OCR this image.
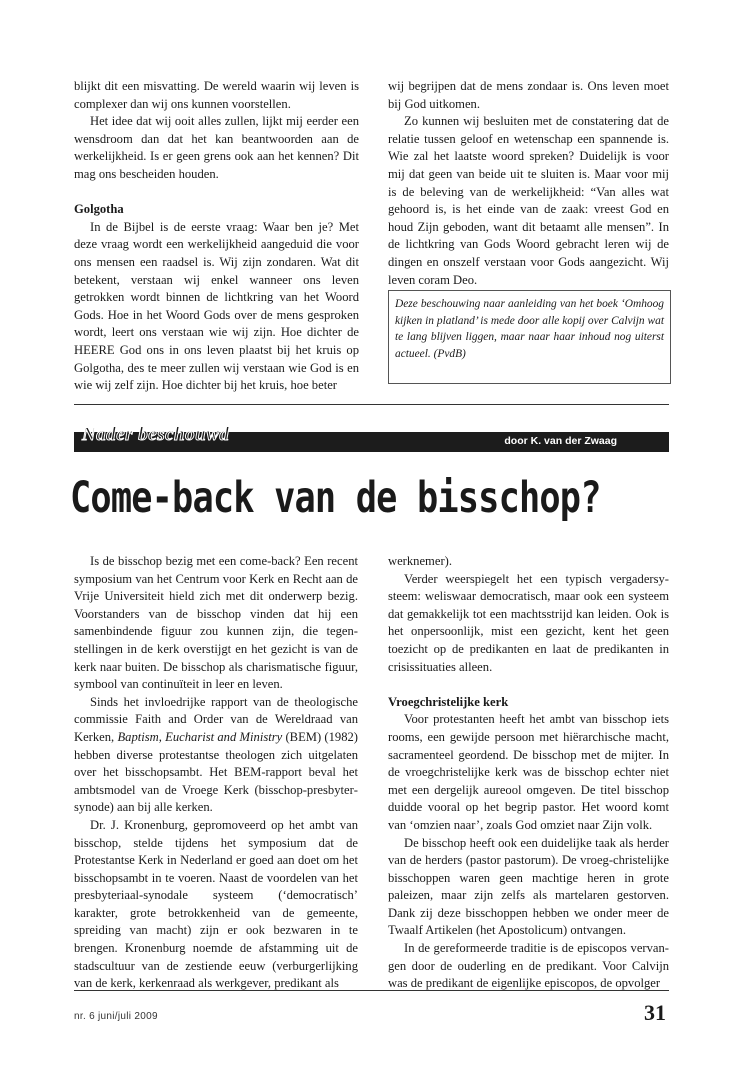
blijkt dit een misvatting. De wereld waarin wij leven is complexer dan wij ons kunnen voorstellen.

Het idee dat wij ooit alles zullen, lijkt mij eerder een wensdroom dan dat het kan beantwoorden aan de werkelijkheid. Is er geen grens ook aan het kennen? Dit mag ons bescheiden houden.

Golgotha

In de Bijbel is de eerste vraag: Waar ben je? Met deze vraag wordt een werkelijkheid aangeduid die voor ons mensen een raadsel is. Wij zijn zondaren. Wat dit betekent, verstaan wij enkel wanneer ons leven getrokken wordt binnen de lichtkring van het Woord Gods. Hoe in het Woord Gods over de mens gesproken wordt, leert ons verstaan wie wij zijn. Hoe dichter de HEERE God ons in ons leven plaatst bij het kruis op Golgotha, des te meer zullen wij verstaan wie God is en wie wij zelf zijn. Hoe dichter bij het kruis, hoe beter

wij begrijpen dat de mens zondaar is. Ons leven moet bij God uitkomen.

Zo kunnen wij besluiten met de constatering dat de relatie tussen geloof en wetenschap een spannende is. Wie zal het laatste woord spreken? Duidelijk is voor mij dat geen van beide uit te sluiten is. Maar voor mij is de beleving van de werkelijkheid: “Van alles wat gehoord is, is het einde van de zaak: vreest God en houd Zijn geboden, want dit betaamt alle mensen”. In de lichtkring van Gods Woord gebracht leren wij de dingen en onszelf verstaan voor Gods aangezicht. Wij leven coram Deo.

Deze beschouwing naar aanleiding van het boek ‘Omhoog kijken in platland’ is mede door alle kopij over Calvijn wat te lang blijven liggen, maar naar haar inhoud nog uiterst actueel. (PvdB)
Nader beschouwd	door K. van der Zwaag
Come-back van de bisschop?

Is de bisschop bezig met een come-back? Een recent symposium van het Centrum voor Kerk en Recht aan de Vrije Universiteit hield zich met dit onderwerp bezig. Voorstanders van de bisschop vinden dat hij een samenbindende figuur zou kunnen zijn, die tegenstellingen in de kerk overstijgt en het gezicht is van de kerk naar buiten. De bisschop als charismatische figuur, symbool van continuïteit in leer en leven.

Sinds het invloedrijke rapport van de theologische commissie Faith and Order van de Wereldraad van Kerken, Baptism, Eucharist and Ministry (BEM) (1982) hebben diverse protestantse theologen zich uitgelaten over het bisschopsambt. Het BEM-rapport beval het ambtsmodel van de Vroege Kerk (bisschop-presbytersynode) aan bij alle kerken.

Dr. J. Kronenburg, gepromoveerd op het ambt van bisschop, stelde tijdens het symposium dat de Protestantse Kerk in Nederland er goed aan doet om het bisschopsambt in te voeren. Naast de voordelen van het presbyteriaal-synodale systeem (‘democratisch’ karakter, grote betrokkenheid van de gemeente, spreiding van macht) zijn er ook bezwaren in te brengen. Kronenburg noemde de afstamming uit de stadscultuur van de zestiende eeuw (verburgerlijking van de kerk, kerkenraad als werkgever, predikant als

werknemer).

Verder weerspiegelt het een typisch vergadersysteem: weliswaar democratisch, maar ook een systeem dat gemakkelijk tot een machtsstrijd kan leiden. Ook is het onpersoonlijk, mist een gezicht, kent het geen toezicht op de predikanten en laat de predikanten in crisissituaties alleen.

Vroegchristelijke kerk

Voor protestanten heeft het ambt van bisschop iets rooms, een gewijde persoon met hiërarchische macht, sacramenteel geordend. De bisschop met de mijter. In de vroegchristelijke kerk was de bisschop echter niet met een dergelijk aureool omgeven. De titel bisschop duidde vooral op het begrip pastor. Het woord komt van ‘omzien naar’, zoals God omziet naar Zijn volk.

De bisschop heeft ook een duidelijke taak als herder van de herders (pastor pastorum). De vroeg-christelijke bisschoppen waren geen machtige heren in grote paleizen, maar zijn zelfs als martelaren gestorven. Dank zij deze bisschoppen hebben we onder meer de Twaalf Artikelen (het Apostolicum) ontvangen.

In de gereformeerde traditie is de episcopos vervangen door de ouderling en de predikant. Voor Calvijn was de predikant de eigenlijke episcopos, de opvolger

nr. 6 juni/juli 2009	31
